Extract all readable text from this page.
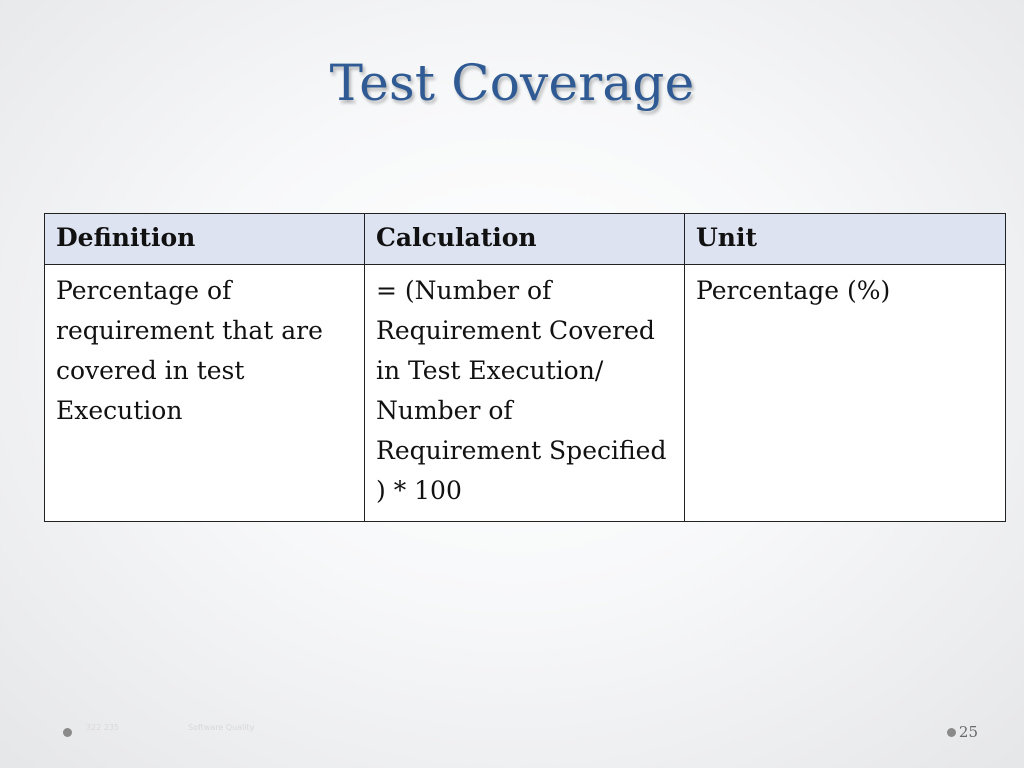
Test Coverage
Definition	Calculation	Unit
Percentage of requirement that are covered in test Execution	= (Number of Requirement Covered in Test Execution/ Number of Requirement Specified ) * 100	Percentage (%)
322 235	Software Quality	25
